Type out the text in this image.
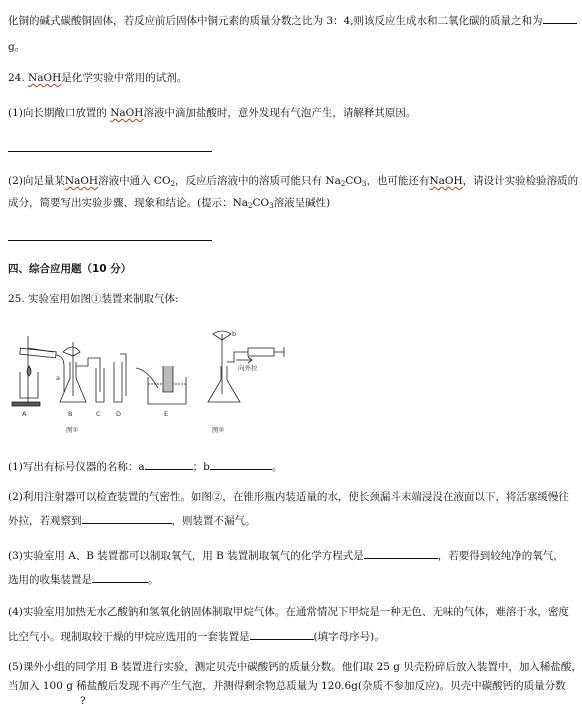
化铜的碱式碳酸铜固体，若反应前后固体中铜元素的质量分数之比为 3：4,则该反应生成水和二氧化碳的质量之和为
g。
24. NaOH是化学实验中常用的试剂。
(1)向长期敞口放置的 NaOH溶液中滴加盐酸时，意外发现有气泡产生，请解释其原因。
(2)向足量某NaOH溶液中通入 $CO_2$，反应后溶液中的溶质可能只有 $Na_2CO_3$，也可能还有NaOH，请设计实验检验溶质的
成分，简要写出实验步骤、现象和结论。(提示：$Na_2CO_3$溶液呈碱性)
四、综合应用题（10 分）
25. 实验室用如图①装置来制取气体:
a
b
向外拉
A	B	C D	E
图①	图②
(1)写出有标号仪器的名称：a	；b	。
(2)利用注射器可以检查装置的气密性。如图②，在锥形瓶内装适量的水，使长颈漏斗末端浸没在液面以下，将活塞缓慢往
外拉，若观察到	，则装置不漏气。
(3)实验室用 A、B 装置都可以制取氧气，用 B 装置制取氧气的化学方程式是	，若要得到较纯净的氧气，
选用的收集装置是	。
(4)实验室用加热无水乙酸钠和氢氧化钠固体制取甲烷气体。在通常情况下甲烷是一种无色、无味的气体，难溶于水，密度
比空气小。现制取较干燥的甲烷应选用的一套装置是	(填字母序号)。
(5)课外小组的同学用 B 装置进行实验，测定贝壳中碳酸钙的质量分数。他们取 25 g 贝壳粉碎后放入装置中，加入稀盐酸，
当加入 100 g 稀盐酸后发现不再产生气泡，并测得剩余物总质量为 120.6g(杂质不参加反应)。贝壳中碳酸钙的质量分数
?
